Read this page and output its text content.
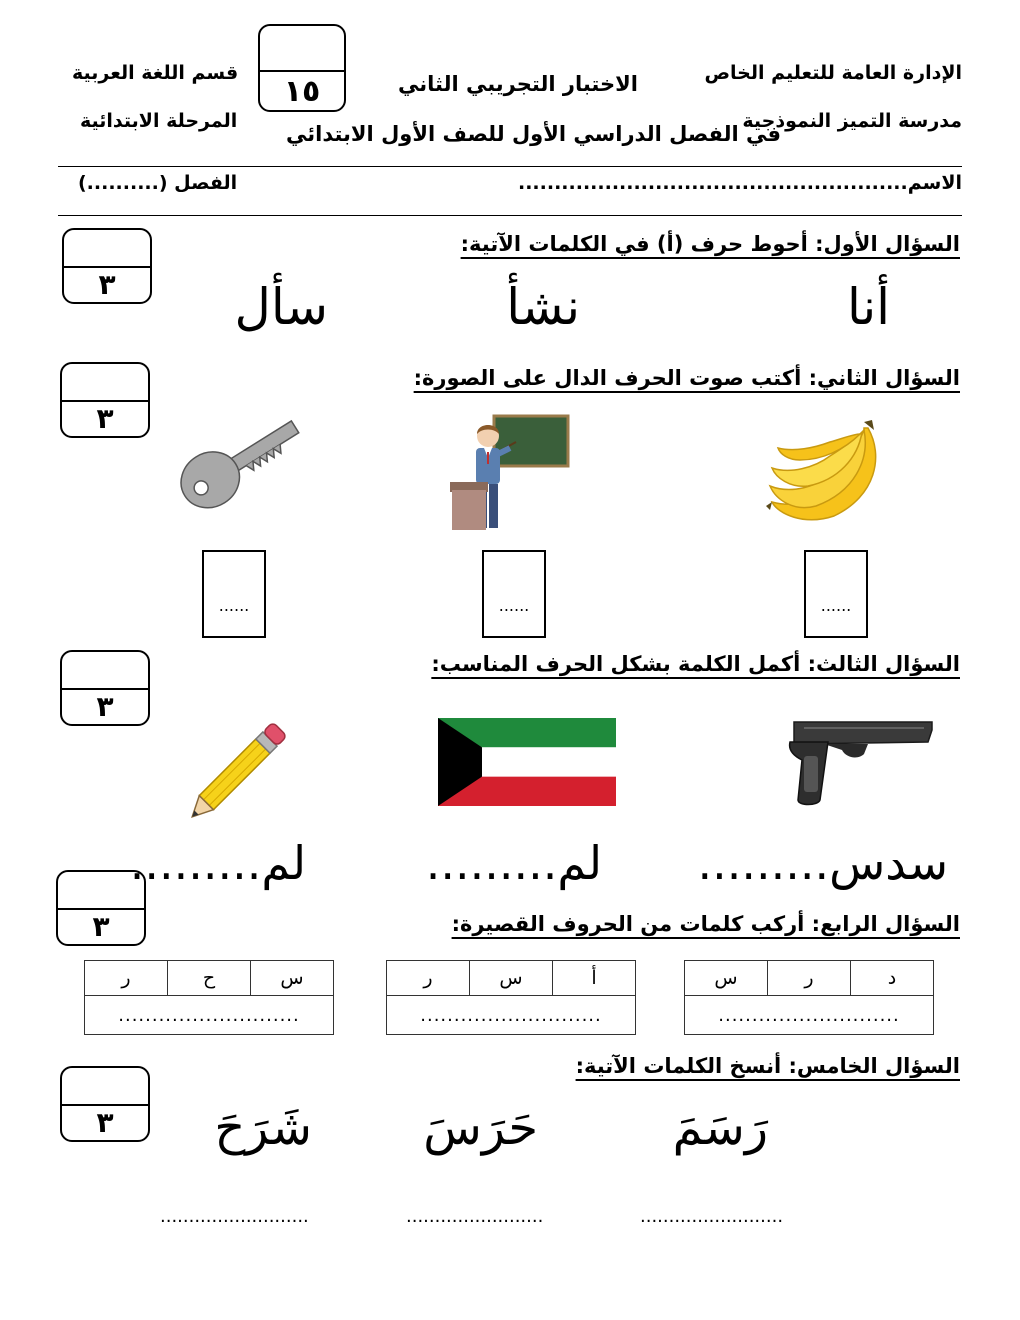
الإدارة العامة للتعليم الخاص
مدرسة التميز النموذجية
الاختبار التجريبي الثاني
في الفصل الدراسي الأول للصف الأول الابتدائي
قسم اللغة العربية
المرحلة الابتدائية
١٥
الاسم......................................................
الفصل (..........)
٣
السؤال الأول: أحوط حرف (أ) في الكلمات الآتية:
أنا
نشأ
سأل
٣
السؤال الثاني: أكتب صوت الحرف الدال على الصورة:
......
......
......
٣
السؤال الثالث: أكمل الكلمة بشكل الحرف المناسب:
سدس.........
لم.........
لم.........
٣	السؤال الرابع: أركب كلمات من الحروف القصيرة:
د	ر	س
...........................
أ	س	ر
...........................
س	ح	ر
...........................
٣
السؤال الخامس: أنسخ الكلمات الآتية:
رَسَمَ
حَرَسَ
شَرَحَ
.........................
........................
..........................
